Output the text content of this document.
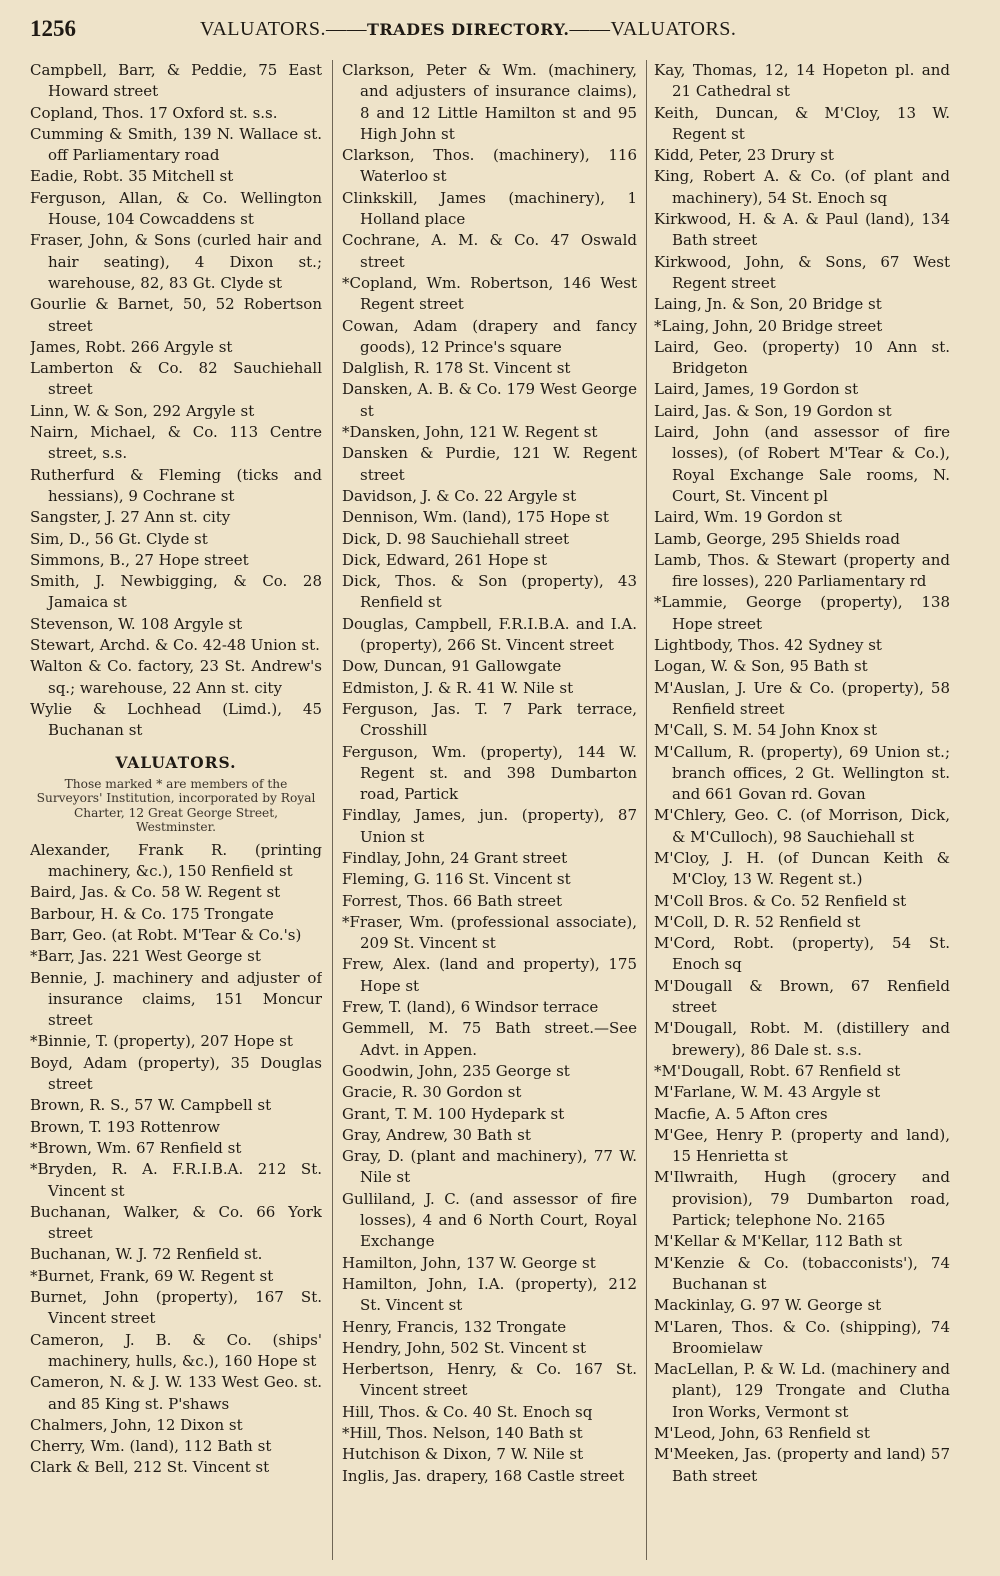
1256	VALUATORS.——TRADES DIRECTORY.——VALUATORS.

Campbell, Barr, & Peddie, 75 East Howard street

Copland, Thos. 17 Oxford st. s.s.

Cumming & Smith, 139 N. Wallace st. off Parliamentary road

Eadie, Robt. 35 Mitchell st

Ferguson, Allan, & Co. Wellington House, 104 Cowcaddens st

Fraser, John, & Sons (curled hair and hair seating), 4 Dixon st.; warehouse, 82, 83 Gt. Clyde st

Gourlie & Barnet, 50, 52 Robertson street

James, Robt. 266 Argyle st

Lamberton & Co. 82 Sauchiehall street

Linn, W. & Son, 292 Argyle st

Nairn, Michael, & Co. 113 Centre street, s.s.

Rutherfurd & Fleming (ticks and hessians), 9 Cochrane st

Sangster, J. 27 Ann st. city

Sim, D., 56 Gt. Clyde st

Simmons, B., 27 Hope street

Smith, J. Newbigging, & Co. 28 Jamaica st

Stevenson, W. 108 Argyle st

Stewart, Archd. & Co. 42-48 Union st.

Walton & Co. factory, 23 St. Andrew's sq.; warehouse, 22 Ann st. city

Wylie & Lochhead (Limd.), 45 Buchanan st

VALUATORS.
Those marked * are members of the Surveyors' Institution, incorporated by Royal Charter, 12 Great George Street, Westminster.

Alexander, Frank R. (printing machinery, &c.), 150 Renfield st

Baird, Jas. & Co. 58 W. Regent st

Barbour, H. & Co. 175 Trongate

Barr, Geo. (at Robt. M'Tear & Co.'s)

*Barr, Jas. 221 West George st

Bennie, J. machinery and adjuster of insurance claims, 151 Moncur street

*Binnie, T. (property), 207 Hope st

Boyd, Adam (property), 35 Douglas street

Brown, R. S., 57 W. Campbell st

Brown, T. 193 Rottenrow

*Brown, Wm. 67 Renfield st

*Bryden, R. A. F.R.I.B.A. 212 St. Vincent st

Buchanan, Walker, & Co. 66 York street

Buchanan, W. J. 72 Renfield st.

*Burnet, Frank, 69 W. Regent st

Burnet, John (property), 167 St. Vincent street

Cameron, J. B. & Co. (ships' machinery, hulls, &c.), 160 Hope st

Cameron, N. & J. W. 133 West Geo. st. and 85 King st. P'shaws

Chalmers, John, 12 Dixon st

Cherry, Wm. (land), 112 Bath st

Clark & Bell, 212 St. Vincent st

Clarkson, Peter & Wm. (machinery, and adjusters of insurance claims), 8 and 12 Little Hamilton st and 95 High John st

Clarkson, Thos. (machinery), 116 Waterloo st

Clinkskill, James (machinery), 1 Holland place

Cochrane, A. M. & Co. 47 Oswald street

*Copland, Wm. Robertson, 146 West Regent street

Cowan, Adam (drapery and fancy goods), 12 Prince's square

Dalglish, R. 178 St. Vincent st

Dansken, A. B. & Co. 179 West George st

*Dansken, John, 121 W. Regent st

Dansken & Purdie, 121 W. Regent street

Davidson, J. & Co. 22 Argyle st

Dennison, Wm. (land), 175 Hope st

Dick, D. 98 Sauchiehall street

Dick, Edward, 261 Hope st

Dick, Thos. & Son (property), 43 Renfield st

Douglas, Campbell, F.R.I.B.A. and I.A. (property), 266 St. Vincent street

Dow, Duncan, 91 Gallowgate

Edmiston, J. & R. 41 W. Nile st

Ferguson, Jas. T. 7 Park terrace, Crosshill

Ferguson, Wm. (property), 144 W. Regent st. and 398 Dumbarton road, Partick

Findlay, James, jun. (property), 87 Union st

Findlay, John, 24 Grant street

Fleming, G. 116 St. Vincent st

Forrest, Thos. 66 Bath street

*Fraser, Wm. (professional associate), 209 St. Vincent st

Frew, Alex. (land and property), 175 Hope st

Frew, T. (land), 6 Windsor terrace

Gemmell, M. 75 Bath street.—See Advt. in Appen.

Goodwin, John, 235 George st

Gracie, R. 30 Gordon st

Grant, T. M. 100 Hydepark st

Gray, Andrew, 30 Bath st

Gray, D. (plant and machinery), 77 W. Nile st

Gulliland, J. C. (and assessor of fire losses), 4 and 6 North Court, Royal Exchange

Hamilton, John, 137 W. George st

Hamilton, John, I.A. (property), 212 St. Vincent st

Henry, Francis, 132 Trongate

Hendry, John, 502 St. Vincent st

Herbertson, Henry, & Co. 167 St. Vincent street

Hill, Thos. & Co. 40 St. Enoch sq

*Hill, Thos. Nelson, 140 Bath st

Hutchison & Dixon, 7 W. Nile st

Inglis, Jas. drapery, 168 Castle street

Kay, Thomas, 12, 14 Hopeton pl. and 21 Cathedral st

Keith, Duncan, & M'Cloy, 13 W. Regent st

Kidd, Peter, 23 Drury st

King, Robert A. & Co. (of plant and machinery), 54 St. Enoch sq

Kirkwood, H. & A. & Paul (land), 134 Bath street

Kirkwood, John, & Sons, 67 West Regent street

Laing, Jn. & Son, 20 Bridge st

*Laing, John, 20 Bridge street

Laird, Geo. (property) 10 Ann st. Bridgeton

Laird, James, 19 Gordon st

Laird, Jas. & Son, 19 Gordon st

Laird, John (and assessor of fire losses), (of Robert M'Tear & Co.), Royal Exchange Sale rooms, N. Court, St. Vincent pl

Laird, Wm. 19 Gordon st

Lamb, George, 295 Shields road

Lamb, Thos. & Stewart (property and fire losses), 220 Parliamentary rd

*Lammie, George (property), 138 Hope street

Lightbody, Thos. 42 Sydney st

Logan, W. & Son, 95 Bath st

M'Auslan, J. Ure & Co. (property), 58 Renfield street

M'Call, S. M. 54 John Knox st

M'Callum, R. (property), 69 Union st.; branch offices, 2 Gt. Wellington st. and 661 Govan rd. Govan

M'Chlery, Geo. C. (of Morrison, Dick, & M'Culloch), 98 Sauchiehall st

M'Cloy, J. H. (of Duncan Keith & M'Cloy, 13 W. Regent st.)

M'Coll Bros. & Co. 52 Renfield st

M'Coll, D. R. 52 Renfield st

M'Cord, Robt. (property), 54 St. Enoch sq

M'Dougall & Brown, 67 Renfield street

M'Dougall, Robt. M. (distillery and brewery), 86 Dale st. s.s.

*M'Dougall, Robt. 67 Renfield st

M'Farlane, W. M. 43 Argyle st

Macfie, A. 5 Afton cres

M'Gee, Henry P. (property and land), 15 Henrietta st

M'Ilwraith, Hugh (grocery and provision), 79 Dumbarton road, Partick; telephone No. 2165

M'Kellar & M'Kellar, 112 Bath st

M'Kenzie & Co. (tobacconists'), 74 Buchanan st

Mackinlay, G. 97 W. George st

M'Laren, Thos. & Co. (shipping), 74 Broomielaw

MacLellan, P. & W. Ld. (machinery and plant), 129 Trongate and Clutha Iron Works, Vermont st

M'Leod, John, 63 Renfield st

M'Meeken, Jas. (property and land) 57 Bath street
